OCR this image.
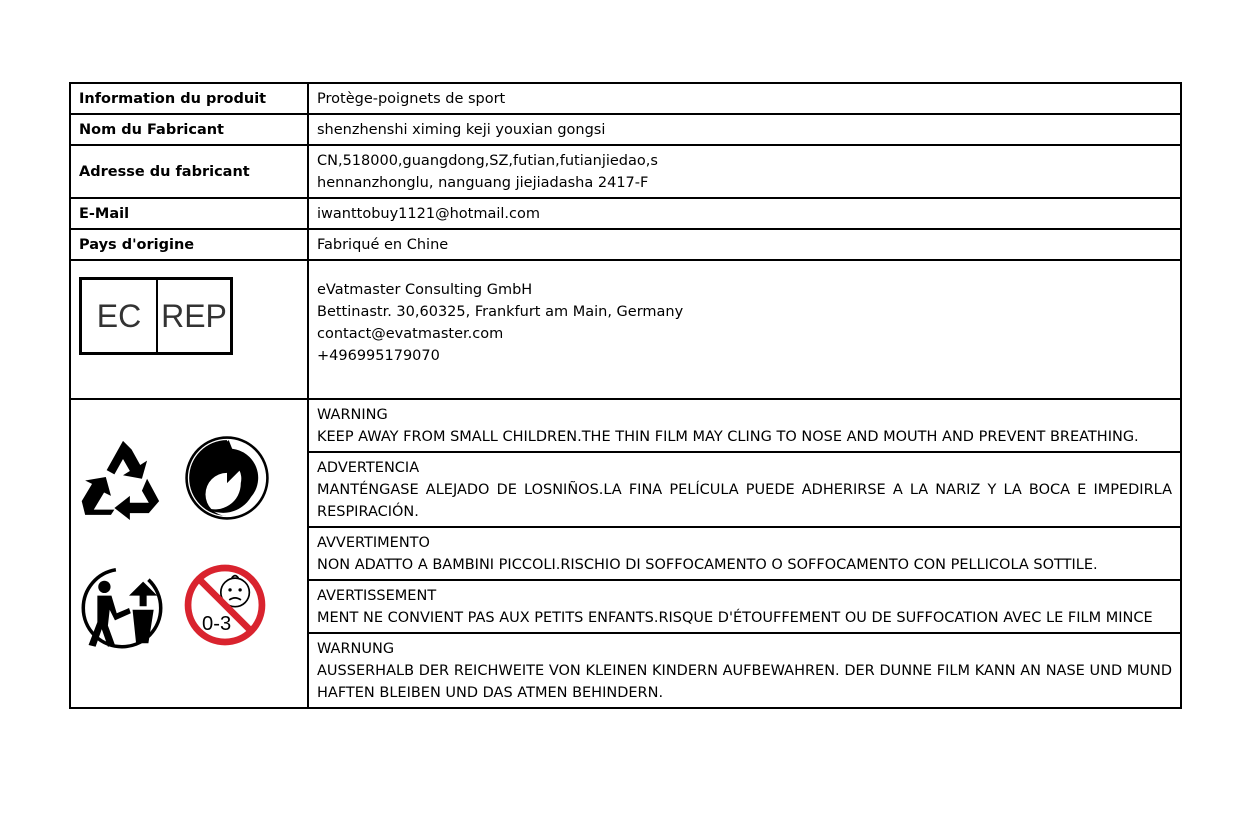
Information du produit	Protège-poignets de sport
Nom du Fabricant	shenzhenshi ximing keji youxian gongsi
Adresse du fabricant	CN,518000,guangdong,SZ,futian,futianjiedao,s
hennanzhonglu, nanguang jiejiadasha 2417-F

E-Mail	iwanttobuy1121@hotmail.com
Pays d'origine	Fabriqué en Chine

EC REP	eVatmaster Consulting GmbH
Bettinastr. 30,60325, Frankfurt am Main, Germany
contact@evatmaster.com
+496995179070

0-3	WARNING
KEEP AWAY FROM SMALL CHILDREN.THE THIN FILM MAY CLING TO NOSE AND MOUTH AND PREVENT BREATHING.

	ADVERTENCIA
MANTÉNGASE ALEJADO DE LOSNIÑOS.LA FINA PELÍCULA PUEDE ADHERIRSE A LA NARIZ Y LA BOCA E IMPEDIRLA RESPIRACIÓN.

	AVVERTIMENTO
NON ADATTO A BAMBINI PICCOLI.RISCHIO DI SOFFOCAMENTO O SOFFOCAMENTO CON PELLICOLA SOTTILE.

	AVERTISSEMENT
MENT NE CONVIENT PAS AUX PETITS ENFANTS.RISQUE D'ÉTOUFFEMENT OU DE SUFFOCATION AVEC LE FILM MINCE

	WARNUNG
AUSSERHALB DER REICHWEITE VON KLEINEN KINDERN AUFBEWAHREN. DER DUNNE FILM KANN AN NASE UND MUND HAFTEN BLEIBEN UND DAS ATMEN BEHINDERN.
